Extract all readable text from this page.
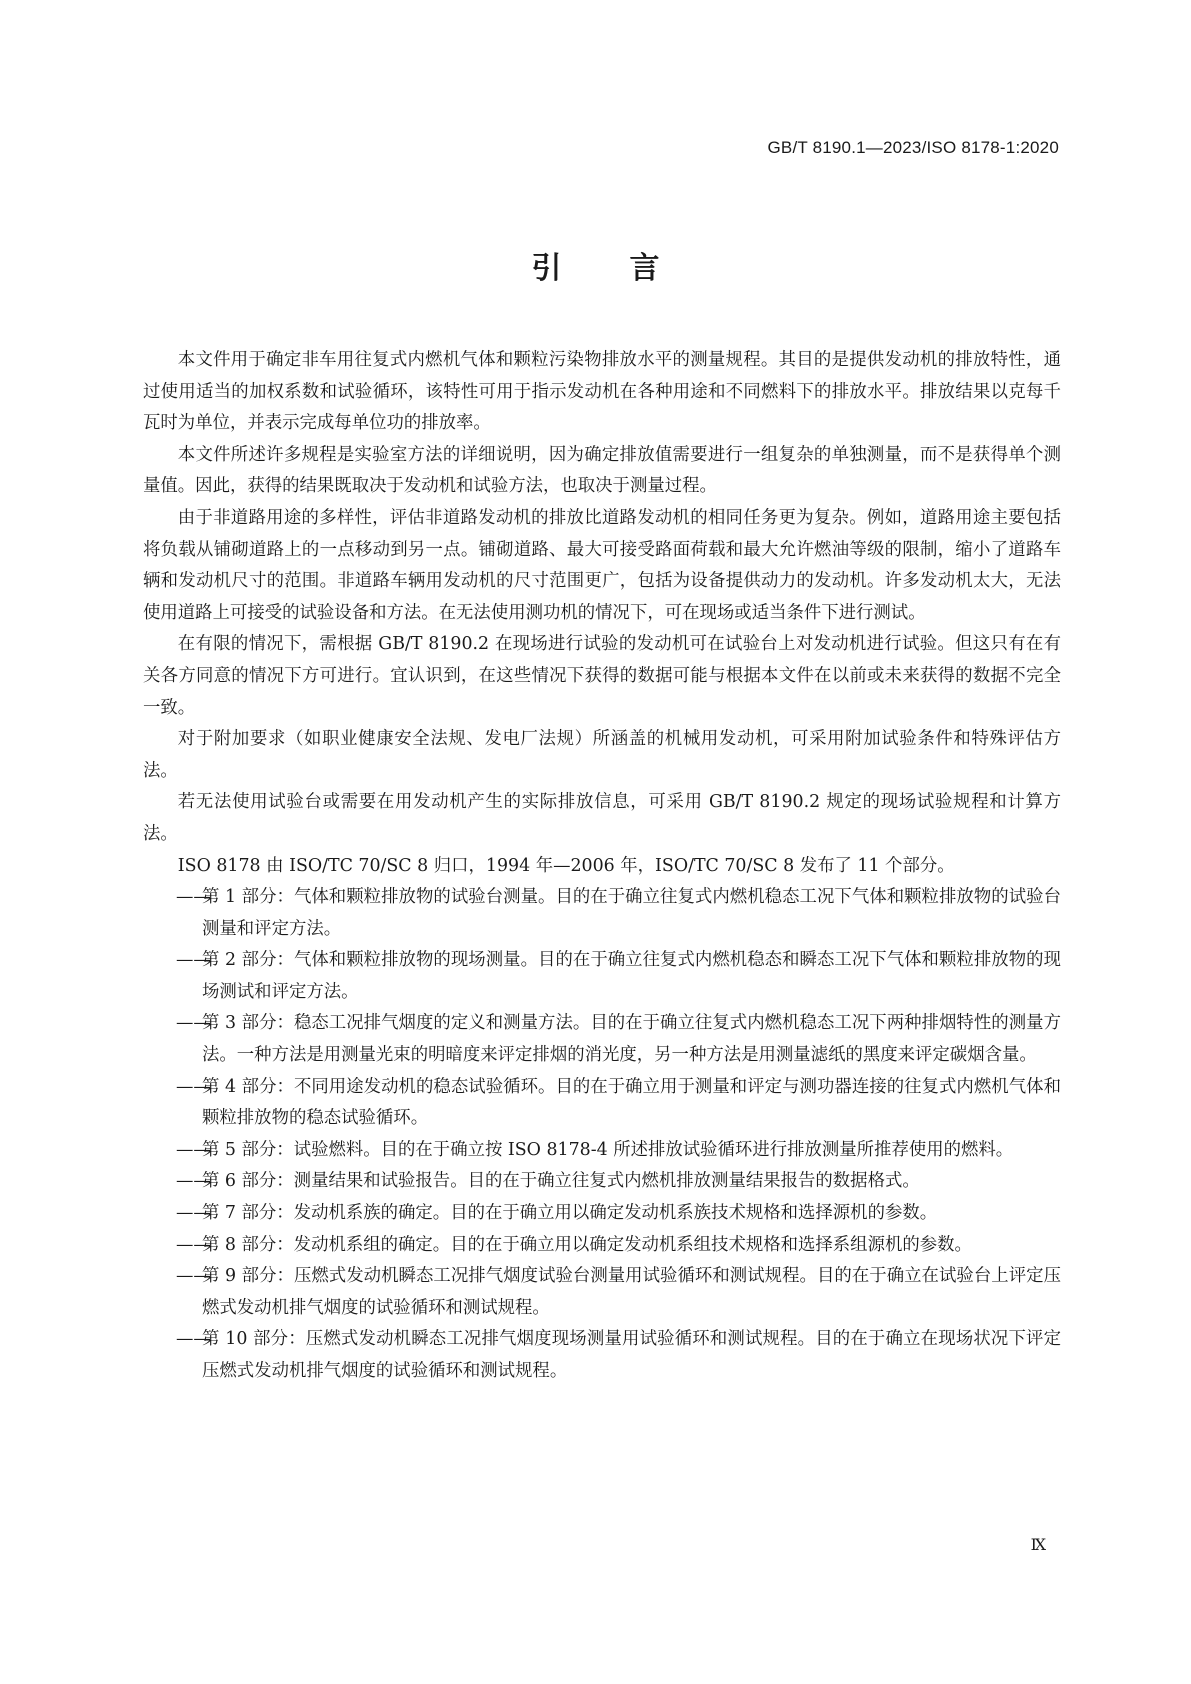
GB/T 8190.1—2023/ISO 8178-1:2020
引言

本文件用于确定非车用往复式内燃机气体和颗粒污染物排放水平的测量规程。其目的是提供发动机的排放特性，通过使用适当的加权系数和试验循环，该特性可用于指示发动机在各种用途和不同燃料下的排放水平。排放结果以克每千瓦时为单位，并表示完成每单位功的排放率。

本文件所述许多规程是实验室方法的详细说明，因为确定排放值需要进行一组复杂的单独测量，而不是获得单个测量值。因此，获得的结果既取决于发动机和试验方法，也取决于测量过程。

由于非道路用途的多样性，评估非道路发动机的排放比道路发动机的相同任务更为复杂。例如，道路用途主要包括将负载从铺砌道路上的一点移动到另一点。铺砌道路、最大可接受路面荷载和最大允许燃油等级的限制，缩小了道路车辆和发动机尺寸的范围。非道路车辆用发动机的尺寸范围更广，包括为设备提供动力的发动机。许多发动机太大，无法使用道路上可接受的试验设备和方法。在无法使用测功机的情况下，可在现场或适当条件下进行测试。

在有限的情况下，需根据 GB/T 8190.2 在现场进行试验的发动机可在试验台上对发动机进行试验。但这只有在有关各方同意的情况下方可进行。宜认识到，在这些情况下获得的数据可能与根据本文件在以前或未来获得的数据不完全一致。

对于附加要求（如职业健康安全法规、发电厂法规）所涵盖的机械用发动机，可采用附加试验条件和特殊评估方法。

若无法使用试验台或需要在用发动机产生的实际排放信息，可采用 GB/T 8190.2 规定的现场试验规程和计算方法。

ISO 8178 由 ISO/TC 70/SC 8 归口，1994 年—2006 年，ISO/TC 70/SC 8 发布了 11 个部分。

——
第 1 部分：气体和颗粒排放物的试验台测量。目的在于确立往复式内燃机稳态工况下气体和颗粒排放物的试验台测量和评定方法。
——
第 2 部分：气体和颗粒排放物的现场测量。目的在于确立往复式内燃机稳态和瞬态工况下气体和颗粒排放物的现场测试和评定方法。
——
第 3 部分：稳态工况排气烟度的定义和测量方法。目的在于确立往复式内燃机稳态工况下两种排烟特性的测量方法。一种方法是用测量光束的明暗度来评定排烟的消光度，另一种方法是用测量滤纸的黑度来评定碳烟含量。
——
第 4 部分：不同用途发动机的稳态试验循环。目的在于确立用于测量和评定与测功器连接的往复式内燃机气体和颗粒排放物的稳态试验循环。
——
第 5 部分：试验燃料。目的在于确立按 ISO 8178-4 所述排放试验循环进行排放测量所推荐使用的燃料。
——
第 6 部分：测量结果和试验报告。目的在于确立往复式内燃机排放测量结果报告的数据格式。
——
第 7 部分：发动机系族的确定。目的在于确立用以确定发动机系族技术规格和选择源机的参数。
——
第 8 部分：发动机系组的确定。目的在于确立用以确定发动机系组技术规格和选择系组源机的参数。
——
第 9 部分：压燃式发动机瞬态工况排气烟度试验台测量用试验循环和测试规程。目的在于确立在试验台上评定压燃式发动机排气烟度的试验循环和测试规程。
——
第 10 部分：压燃式发动机瞬态工况排气烟度现场测量用试验循环和测试规程。目的在于确立在现场状况下评定压燃式发动机排气烟度的试验循环和测试规程。
Ⅸ
